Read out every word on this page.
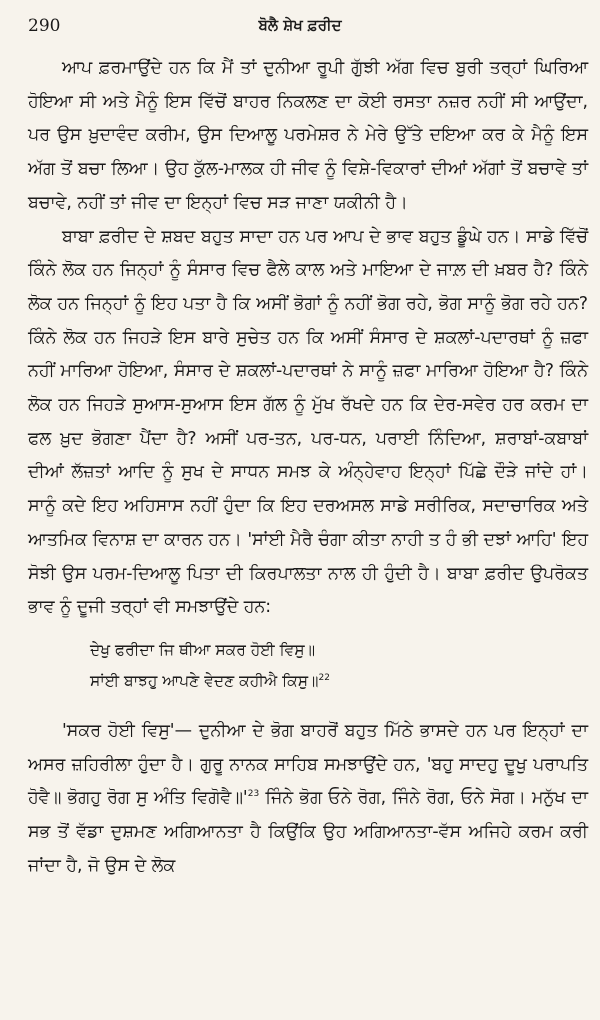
290	ਬੋਲੈ ਸ਼ੇਖ ਫ਼ਰੀਦ

ਆਪ ਫ਼ਰਮਾਉਂਦੇ ਹਨ ਕਿ ਮੈਂ ਤਾਂ ਦੁਨੀਆ ਰੂਪੀ ਗੁੱਝੀ ਅੱਗ ਵਿਚ ਬੁਰੀ ਤਰ੍ਹਾਂ ਘਿਰਿਆ ਹੋਇਆ ਸੀ ਅਤੇ ਮੈਨੂੰ ਇਸ ਵਿੱਚੋਂ ਬਾਹਰ ਨਿਕਲਣ ਦਾ ਕੋਈ ਰਸਤਾ ਨਜ਼ਰ ਨਹੀਂ ਸੀ ਆਉਂਦਾ, ਪਰ ਉਸ ਖ਼ੁਦਾਵੰਦ ਕਰੀਮ, ਉਸ ਦਿਆਲੂ ਪਰਮੇਸ਼ਰ ਨੇ ਮੇਰੇ ਉੱਤੇ ਦਇਆ ਕਰ ਕੇ ਮੈਨੂੰ ਇਸ ਅੱਗ ਤੋਂ ਬਚਾ ਲਿਆ। ਉਹ ਕੁੱਲ-ਮਾਲਕ ਹੀ ਜੀਵ ਨੂੰ ਵਿਸ਼ੇ-ਵਿਕਾਰਾਂ ਦੀਆਂ ਅੱਗਾਂ ਤੋਂ ਬਚਾਵੇ ਤਾਂ ਬਚਾਵੇ, ਨਹੀਂ ਤਾਂ ਜੀਵ ਦਾ ਇਨ੍ਹਾਂ ਵਿਚ ਸੜ ਜਾਣਾ ਯਕੀਨੀ ਹੈ।

ਬਾਬਾ ਫ਼ਰੀਦ ਦੇ ਸ਼ਬਦ ਬਹੁਤ ਸਾਦਾ ਹਨ ਪਰ ਆਪ ਦੇ ਭਾਵ ਬਹੁਤ ਡੂੰਘੇ ਹਨ। ਸਾਡੇ ਵਿੱਚੋਂ ਕਿੰਨੇ ਲੋਕ ਹਨ ਜਿਨ੍ਹਾਂ ਨੂੰ ਸੰਸਾਰ ਵਿਚ ਫੈਲੇ ਕਾਲ ਅਤੇ ਮਾਇਆ ਦੇ ਜਾਲ਼ ਦੀ ਖ਼ਬਰ ਹੈ? ਕਿੰਨੇ ਲੋਕ ਹਨ ਜਿਨ੍ਹਾਂ ਨੂੰ ਇਹ ਪਤਾ ਹੈ ਕਿ ਅਸੀਂ ਭੋਗਾਂ ਨੂੰ ਨਹੀਂ ਭੋਗ ਰਹੇ, ਭੋਗ ਸਾਨੂੰ ਭੋਗ ਰਹੇ ਹਨ? ਕਿੰਨੇ ਲੋਕ ਹਨ ਜਿਹੜੇ ਇਸ ਬਾਰੇ ਸੁਚੇਤ ਹਨ ਕਿ ਅਸੀਂ ਸੰਸਾਰ ਦੇ ਸ਼ਕਲਾਂ-ਪਦਾਰਥਾਂ ਨੂੰ ਜ਼ਫਾ ਨਹੀਂ ਮਾਰਿਆ ਹੋਇਆ, ਸੰਸਾਰ ਦੇ ਸ਼ਕਲਾਂ-ਪਦਾਰਥਾਂ ਨੇ ਸਾਨੂੰ ਜ਼ਫਾ ਮਾਰਿਆ ਹੋਇਆ ਹੈ? ਕਿੰਨੇ ਲੋਕ ਹਨ ਜਿਹੜੇ ਸੁਆਸ-ਸੁਆਸ ਇਸ ਗੱਲ ਨੂੰ ਮੁੱਖ ਰੱਖਦੇ ਹਨ ਕਿ ਦੇਰ-ਸਵੇਰ ਹਰ ਕਰਮ ਦਾ ਫਲ ਖ਼ੁਦ ਭੋਗਣਾ ਪੈਂਦਾ ਹੈ? ਅਸੀਂ ਪਰ-ਤਨ, ਪਰ-ਧਨ, ਪਰਾਈ ਨਿੰਦਿਆ, ਸ਼ਰਾਬਾਂ-ਕਬਾਬਾਂ ਦੀਆਂ ਲੱਜ਼ਤਾਂ ਆਦਿ ਨੂੰ ਸੁਖ ਦੇ ਸਾਧਨ ਸਮਝ ਕੇ ਅੰਨ੍ਹੇਵਾਹ ਇਨ੍ਹਾਂ ਪਿੱਛੇ ਦੌੜੇ ਜਾਂਦੇ ਹਾਂ। ਸਾਨੂੰ ਕਦੇ ਇਹ ਅਹਿਸਾਸ ਨਹੀਂ ਹੁੰਦਾ ਕਿ ਇਹ ਦਰਅਸਲ ਸਾਡੇ ਸਰੀਰਿਕ, ਸਦਾਚਾਰਿਕ ਅਤੇ ਆਤਮਿਕ ਵਿਨਾਸ਼ ਦਾ ਕਾਰਨ ਹਨ। 'ਸਾਂਈ ਮੈਰੈ ਚੰਗਾ ਕੀਤਾ ਨਾਹੀ ਤ ਹੰ ਭੀ ਦਝਾਂ ਆਹਿ' ਇਹ ਸੋਝੀ ਉਸ ਪਰਮ-ਦਿਆਲੂ ਪਿਤਾ ਦੀ ਕਿਰਪਾਲਤਾ ਨਾਲ ਹੀ ਹੁੰਦੀ ਹੈ। ਬਾਬਾ ਫ਼ਰੀਦ ਉਪਰੋਕਤ ਭਾਵ ਨੂੰ ਦੂਜੀ ਤਰ੍ਹਾਂ ਵੀ ਸਮਝਾਉਂਦੇ ਹਨ:

ਦੇਖੁ ਫਰੀਦਾ ਜਿ ਥੀਆ ਸਕਰ ਹੋਈ ਵਿਸੁ॥
ਸਾਂਈ ਬਾਝਹੁ ਆਪਣੇ ਵੇਦਣ ਕਹੀਐ ਕਿਸੁ॥$^{22}$

'ਸਕਰ ਹੋਈ ਵਿਸੁ'— ਦੁਨੀਆ ਦੇ ਭੋਗ ਬਾਹਰੋਂ ਬਹੁਤ ਮਿੱਠੇ ਭਾਸਦੇ ਹਨ ਪਰ ਇਨ੍ਹਾਂ ਦਾ ਅਸਰ ਜ਼ਹਿਰੀਲਾ ਹੁੰਦਾ ਹੈ। ਗੁਰੂ ਨਾਨਕ ਸਾਹਿਬ ਸਮਝਾਉਂਦੇ ਹਨ, 'ਬਹੁ ਸਾਦਹੁ ਦੂਖੁ ਪਰਾਪਤਿ ਹੋਵੈ॥ ਭੋਗਹੁ ਰੋਗ ਸੁ ਅੰਤਿ ਵਿਗੋਵੈ॥'$^{23}$ ਜਿੰਨੇ ਭੋਗ ਓਨੇ ਰੋਗ, ਜਿੰਨੇ ਰੋਗ, ਓਨੇ ਸੋਗ। ਮਨੁੱਖ ਦਾ ਸਭ ਤੋਂ ਵੱਡਾ ਦੁਸ਼ਮਣ ਅਗਿਆਨਤਾ ਹੈ ਕਿਉਂਕਿ ਉਹ ਅਗਿਆਨਤਾ-ਵੱਸ ਅਜਿਹੇ ਕਰਮ ਕਰੀ ਜਾਂਦਾ ਹੈ, ਜੋ ਉਸ ਦੇ ਲੋਕ
